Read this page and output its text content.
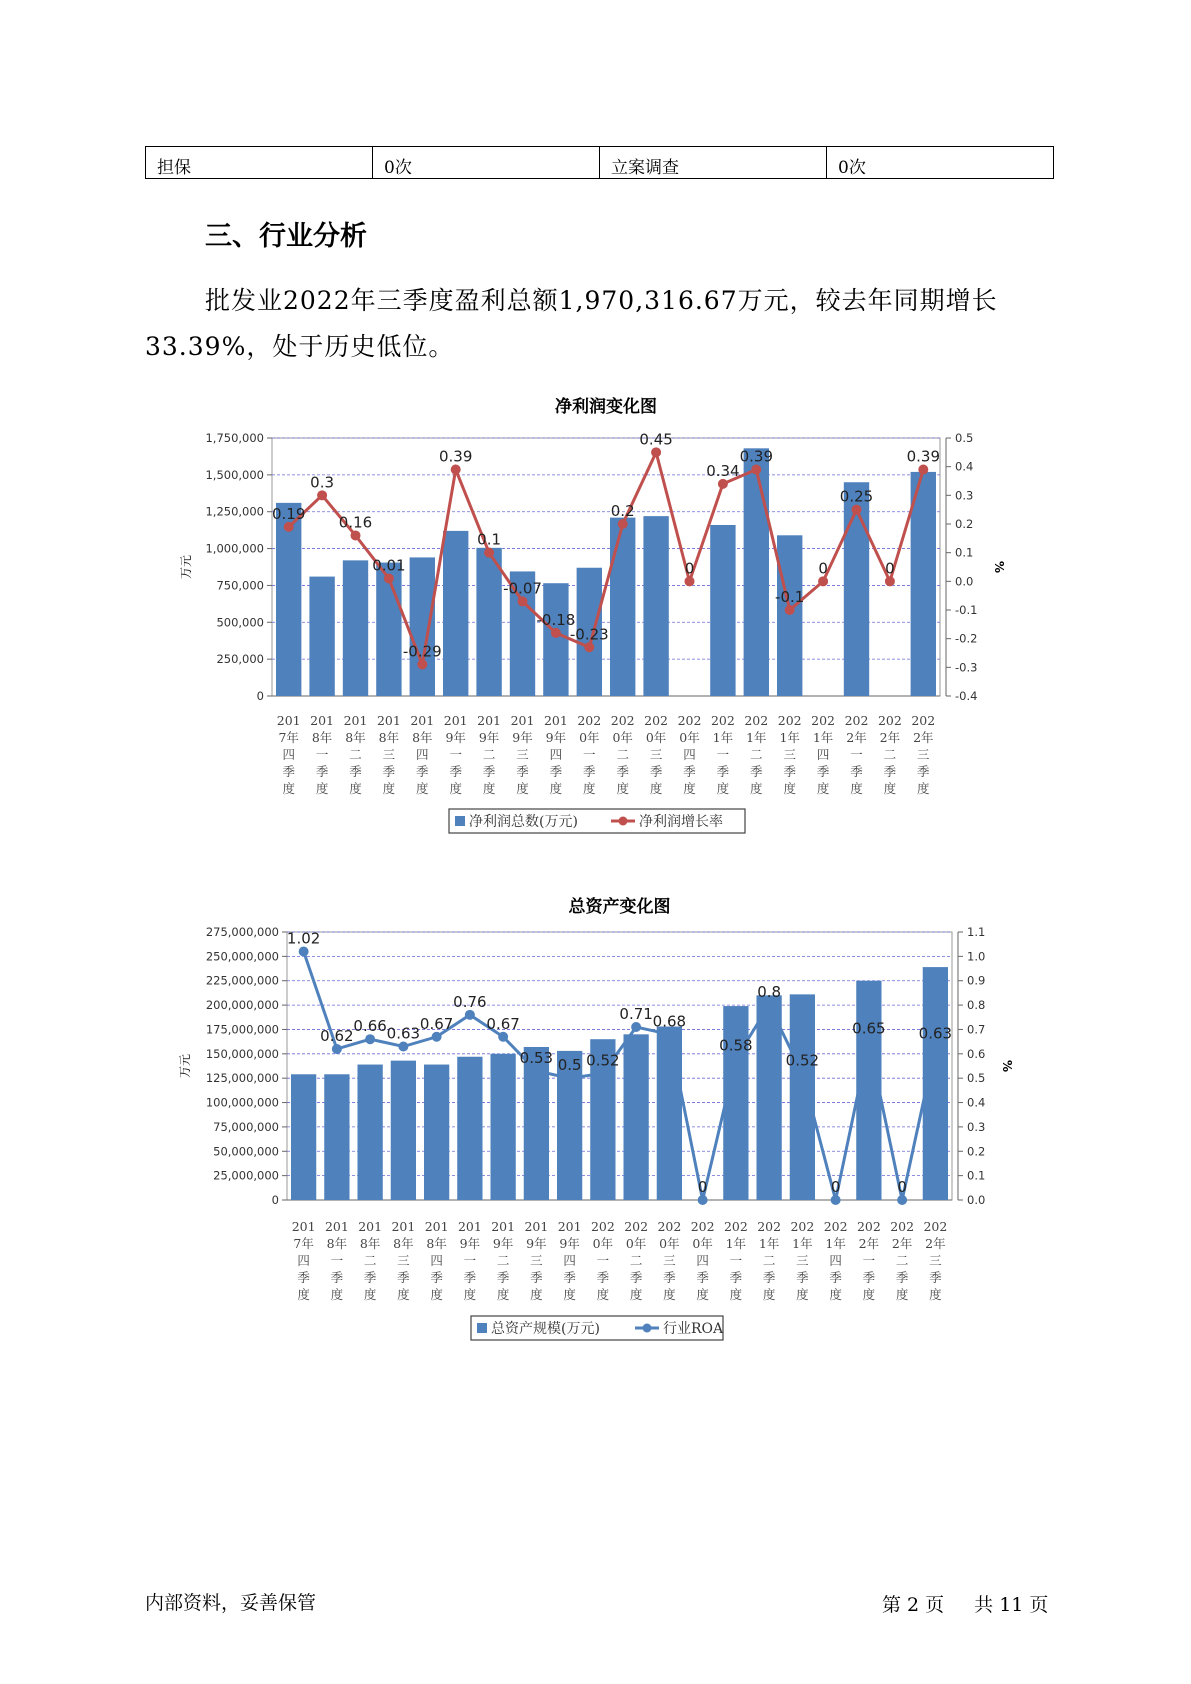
担保	0次	立案调查	0次
三、行业分析

批发业2022年三季度盈利总额1,970,316.67万元，较去年同期增长33.39%，处于历史低位。

净利润变化图
0
250,000
500,000
750,000
1,000,000
1,250,000
1,500,000
1,750,000
-0.4
-0.3
-0.2
-0.1
0.0
0.1
0.2
0.3
0.4
0.5
万元	%
0.19
0.3
0.16
0.01
-0.29
0.39
0.1
-0.07
-0.18
-0.23
0.2
0.45
0
0.34
0.39
-0.1
0
0.25
0
0.39
201
7年
四
季
度
201
8年
一
季
度
201
8年
二
季
度
201
8年
三
季
度
201
8年
四
季
度
201
9年
一
季
度
201
9年
二
季
度
201
9年
三
季
度
201
9年
四
季
度
202
0年
一
季
度
202
0年
二
季
度
202
0年
三
季
度
202
0年
四
季
度
202
1年
一
季
度
202
1年
二
季
度
202
1年
三
季
度
202
1年
四
季
度
202
2年
一
季
度
202
2年
二
季
度
202
2年
三
季
度
净利润总数(万元)	净利润增长率
总资产变化图
0
25,000,000
50,000,000
75,000,000
100,000,000
125,000,000
150,000,000
175,000,000
200,000,000
225,000,000
250,000,000
275,000,000
0.0
0.1
0.2
0.3
0.4
0.5
0.6
0.7
0.8
0.9
1.0
1.1
万元	%
1.02
0.62
0.66 0.63
0.67
0.76
0.67
0.53 0.5 0.52
0.71 0.68
0
0.58
0.8
0.52
0
0.65
0
0.63
201
7年
四
季
度
201
8年
一
季
度
201
8年
二
季
度
201
8年
三
季
度
201
8年
四
季
度
201
9年
一
季
度
201
9年
二
季
度
201
9年
三
季
度
201
9年
四
季
度
202
0年
一
季
度
202
0年
二
季
度
202
0年
三
季
度
202
0年
四
季
度
202
1年
一
季
度
202
1年
二
季
度
202
1年
三
季
度
202
1年
四
季
度
202
2年
一
季
度
202
2年
二
季
度
202
2年
三
季
度
总资产规模(万元)	行业ROA
内部资料，妥善保管	第 2 页 共 11 页
